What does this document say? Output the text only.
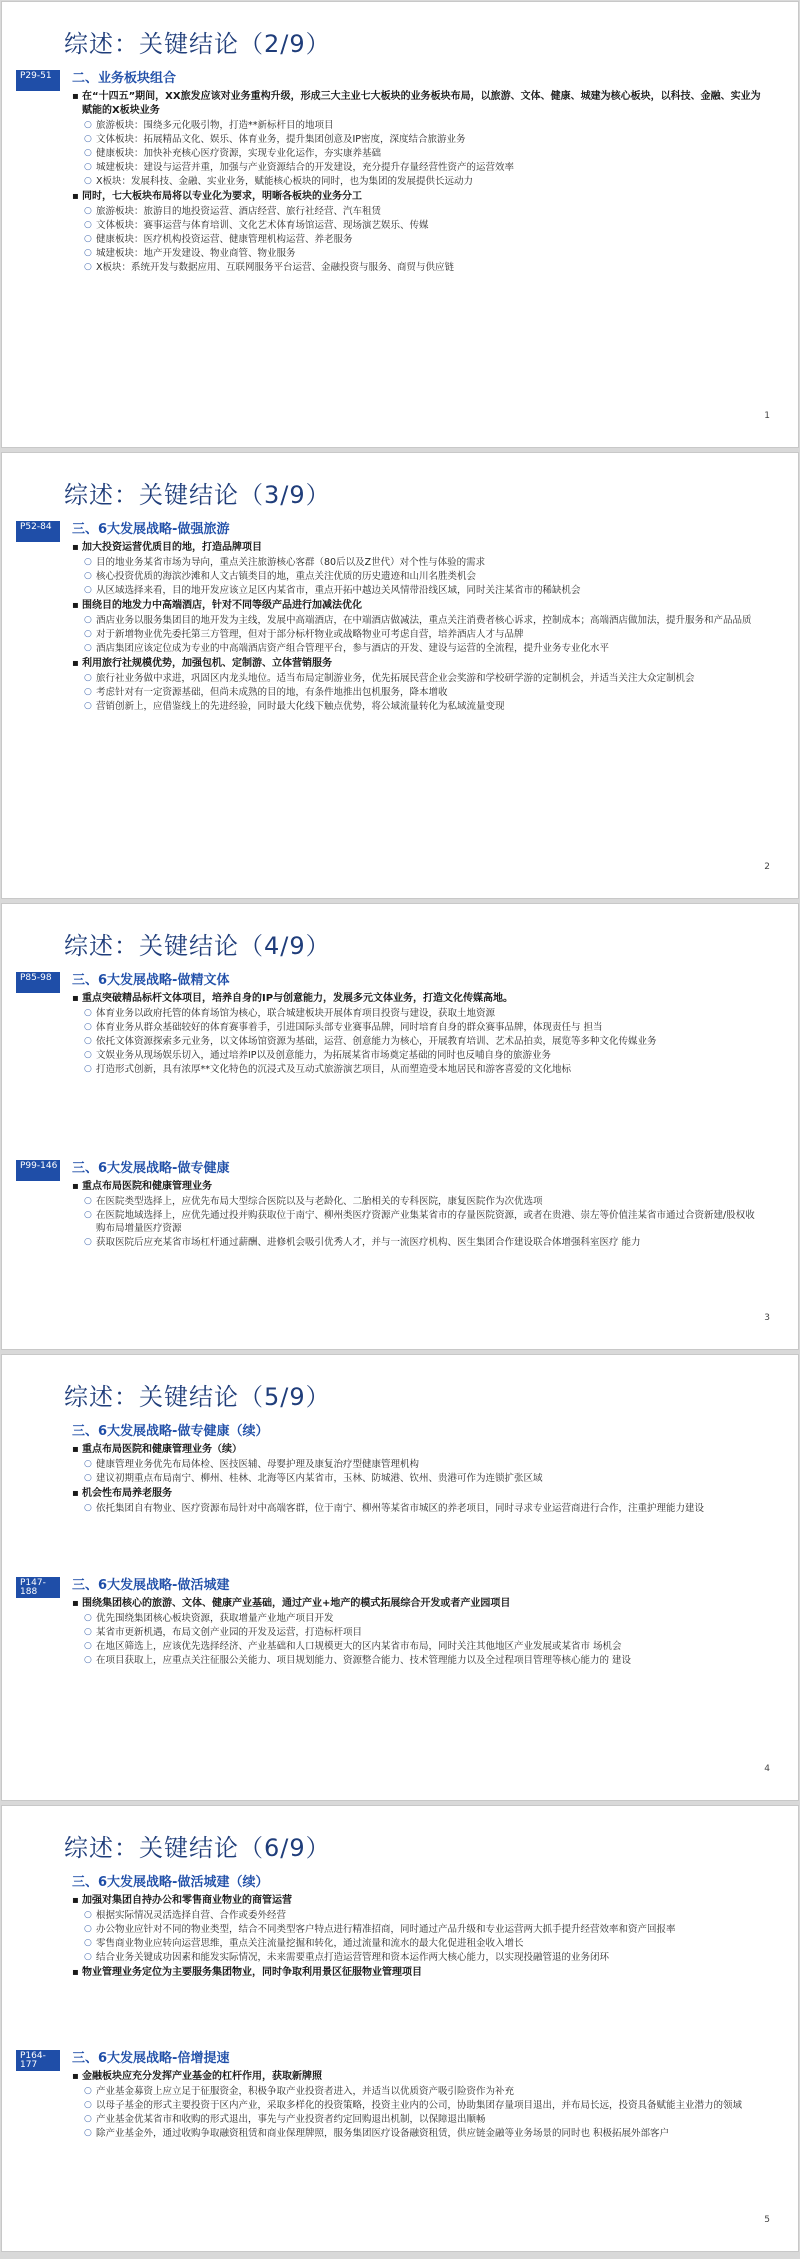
综述：关键结论（2/9）
P29-51	二、业务板块组合
▪ 在“十四五”期间，XX旅发应该对业务重构升级，形成三大主业七大板块的业务板块布局，以旅游、文体、健康、城建为核心板块，以科技、金融、实业为赋能的X板块业务
○ 旅游板块：围绕多元化吸引物，打造**新标杆目的地项目
○ 文体板块：拓展精品文化、娱乐、体育业务，提升集团创意及IP密度，深度结合旅游业务
○ 健康板块：加快补充核心医疗资源，实现专业化运作，夯实康养基础
○ 城建板块：建设与运营并重，加强与产业资源结合的开发建设，充分提升存量经营性资产的运营效率
○ X板块：发展科技、金融、实业业务，赋能核心板块的同时，也为集团的发展提供长远动力
▪ 同时，七大板块布局将以专业化为要求，明晰各板块的业务分工
○ 旅游板块：旅游目的地投资运营、酒店经营、旅行社经营、汽车租赁
○ 文体板块：赛事运营与体育培训、文化艺术体育场馆运营、现场演艺娱乐、传媒
○ 健康板块：医疗机构投资运营、健康管理机构运营、养老服务
○ 城建板块：地产开发建设、物业商管、物业服务
○ X板块：系统开发与数据应用、互联网服务平台运营、金融投资与服务、商贸与供应链
1
综述：关键结论（3/9）
P52-84	三、6大发展战略-做强旅游
▪ 加大投资运营优质目的地，打造品牌项目
○ 目的地业务某省市场为导向，重点关注旅游核心客群（80后以及Z世代）对个性与体验的需求
○ 核心投资优质的海滨沙滩和人文古镇类目的地，重点关注优质的历史遗迹和山川名胜类机会
○ 从区域选择来看，目的地开发应该立足区内某省市，重点开拓中越边关风情带沿线区域，同时关注某省市的稀缺机会
▪ 围绕目的地发力中高端酒店，针对不同等级产品进行加减法优化
○ 酒店业务以服务集团目的地开发为主线，发展中高端酒店，在中端酒店做减法，重点关注消费者核心诉求，控制成本；高端酒店做加法，提升服务和产品品质
○ 对于新增物业优先委托第三方管理，但对于部分标杆物业或战略物业可考虑自营，培养酒店人才与品牌
○ 酒店集团应该定位成为专业的中高端酒店资产组合管理平台，参与酒店的开发、建设与运营的全流程，提升业务专业化水平
▪ 利用旅行社规模优势，加强包机、定制游、立体营销服务
○ 旅行社业务做中求进，巩固区内龙头地位。适当布局定制游业务，优先拓展民营企业会奖游和学校研学游的定制机会，并适当关注大众定制机会
○ 考虑针对有一定资源基础，但尚未成熟的目的地，有条件地推出包机服务，降本增收
○ 营销创新上，应借鉴线上的先进经验，同时最大化线下触点优势，将公域流量转化为私域流量变现
2
综述：关键结论（4/9）
P85-98	三、6大发展战略-做精文体
▪ 重点突破精品标杆文体项目，培养自身的IP与创意能力，发展多元文体业务，打造文化传媒高地。
○ 体育业务以政府托管的体育场馆为核心，联合城建板块开展体育项目投资与建设，获取土地资源
○ 体育业务从群众基础较好的体育赛事着手，引进国际头部专业赛事品牌，同时培育自身的群众赛事品牌，体现责任与 担当
○ 依托文体资源探索多元业务，以文体场馆资源为基础，运营、创意能力为核心，开展教育培训、艺术品拍卖，展览等多种文化传媒业务
○ 文娱业务从现场娱乐切入，通过培养IP以及创意能力，为拓展某省市场奠定基础的同时也反哺自身的旅游业务
○ 打造形式创新，具有浓厚**文化特色的沉浸式及互动式旅游演艺项目，从而塑造受本地居民和游客喜爱的文化地标
P99-146 三、6大发展战略-做专健康
▪ 重点布局医院和健康管理业务
○ 在医院类型选择上，应优先布局大型综合医院以及与老龄化、二胎相关的专科医院，康复医院作为次优选项
○ 在医院地域选择上，应优先通过投并购获取位于南宁、柳州类医疗资源产业集某省市的存量医院资源，或者在贵港、崇左等价值洼某省市通过合资新建/股权收购布局增量医疗资源
○ 获取医院后应充某省市场杠杆通过薪酬、进修机会吸引优秀人才，并与一流医疗机构、医生集团合作建设联合体增强科室医疗 能力
3
综述：关键结论（5/9）
三、6大发展战略-做专健康（续）
▪ 重点布局医院和健康管理业务（续）
○ 健康管理业务优先布局体检、医技医辅、母婴护理及康复治疗型健康管理机构
○ 建议初期重点布局南宁、柳州、桂林、北海等区内某省市，玉林、防城港、钦州、贵港可作为连锁扩张区域
▪ 机会性布局养老服务
○ 依托集团自有物业、医疗资源布局针对中高端客群，位于南宁、柳州等某省市城区的养老项目，同时寻求专业运营商进行合作，注重护理能力建设
P147-188	三、6大发展战略-做活城建
▪ 围绕集团核心的旅游、文体、健康产业基础，通过产业+地产的模式拓展综合开发或者产业园项目
○ 优先围绕集团核心板块资源，获取增量产业地产项目开发
○ 某省市更新机遇，布局文创产业园的开发及运营，打造标杆项目
○ 在地区筛选上，应该优先选择经济、产业基础和人口规模更大的区内某省市布局，同时关注其他地区产业发展或某省市 场机会
○ 在项目获取上，应重点关注征服公关能力、项目规划能力、资源整合能力、技术管理能力以及全过程项目管理等核心能力的 建设
4
综述：关键结论（6/9）
三、6大发展战略-做活城建（续）
▪ 加强对集团自持办公和零售商业物业的商管运营
○ 根据实际情况灵活选择自营、合作或委外经营
○ 办公物业应针对不同的物业类型，结合不同类型客户特点进行精准招商，同时通过产品升级和专业运营两大抓手提升经营效率和资产回报率
○ 零售商业物业应转向运营思维，重点关注流量挖掘和转化，通过流量和流水的最大化促进租金收入增长
○ 结合业务关键成功因素和能发实际情况，未来需要重点打造运营管理和资本运作两大核心能力，以实现投融管退的业务闭环
▪ 物业管理业务定位为主要服务集团物业，同时争取利用景区征服物业管理项目
P164-177	三、6大发展战略-倍增提速
▪ 金融板块应充分发挥产业基金的杠杆作用，获取新牌照
○ 产业基金募资上应立足于征服资金，积极争取产业投资者进入，并适当以优质资产吸引险资作为补充
○ 以母子基金的形式主要投资于区内产业，采取多样化的投资策略，投资主业内的公司，协助集团存量项目退出，并布局长远，投资具备赋能主业潜力的领域
○ 产业基金优某省市和收购的形式退出，事先与产业投资者约定回购退出机制，以保障退出顺畅
○ 除产业基金外，通过收购争取融资租赁和商业保理牌照，服务集团医疗设备融资租赁，供应链金融等业务场景的同时也 积极拓展外部客户
5
